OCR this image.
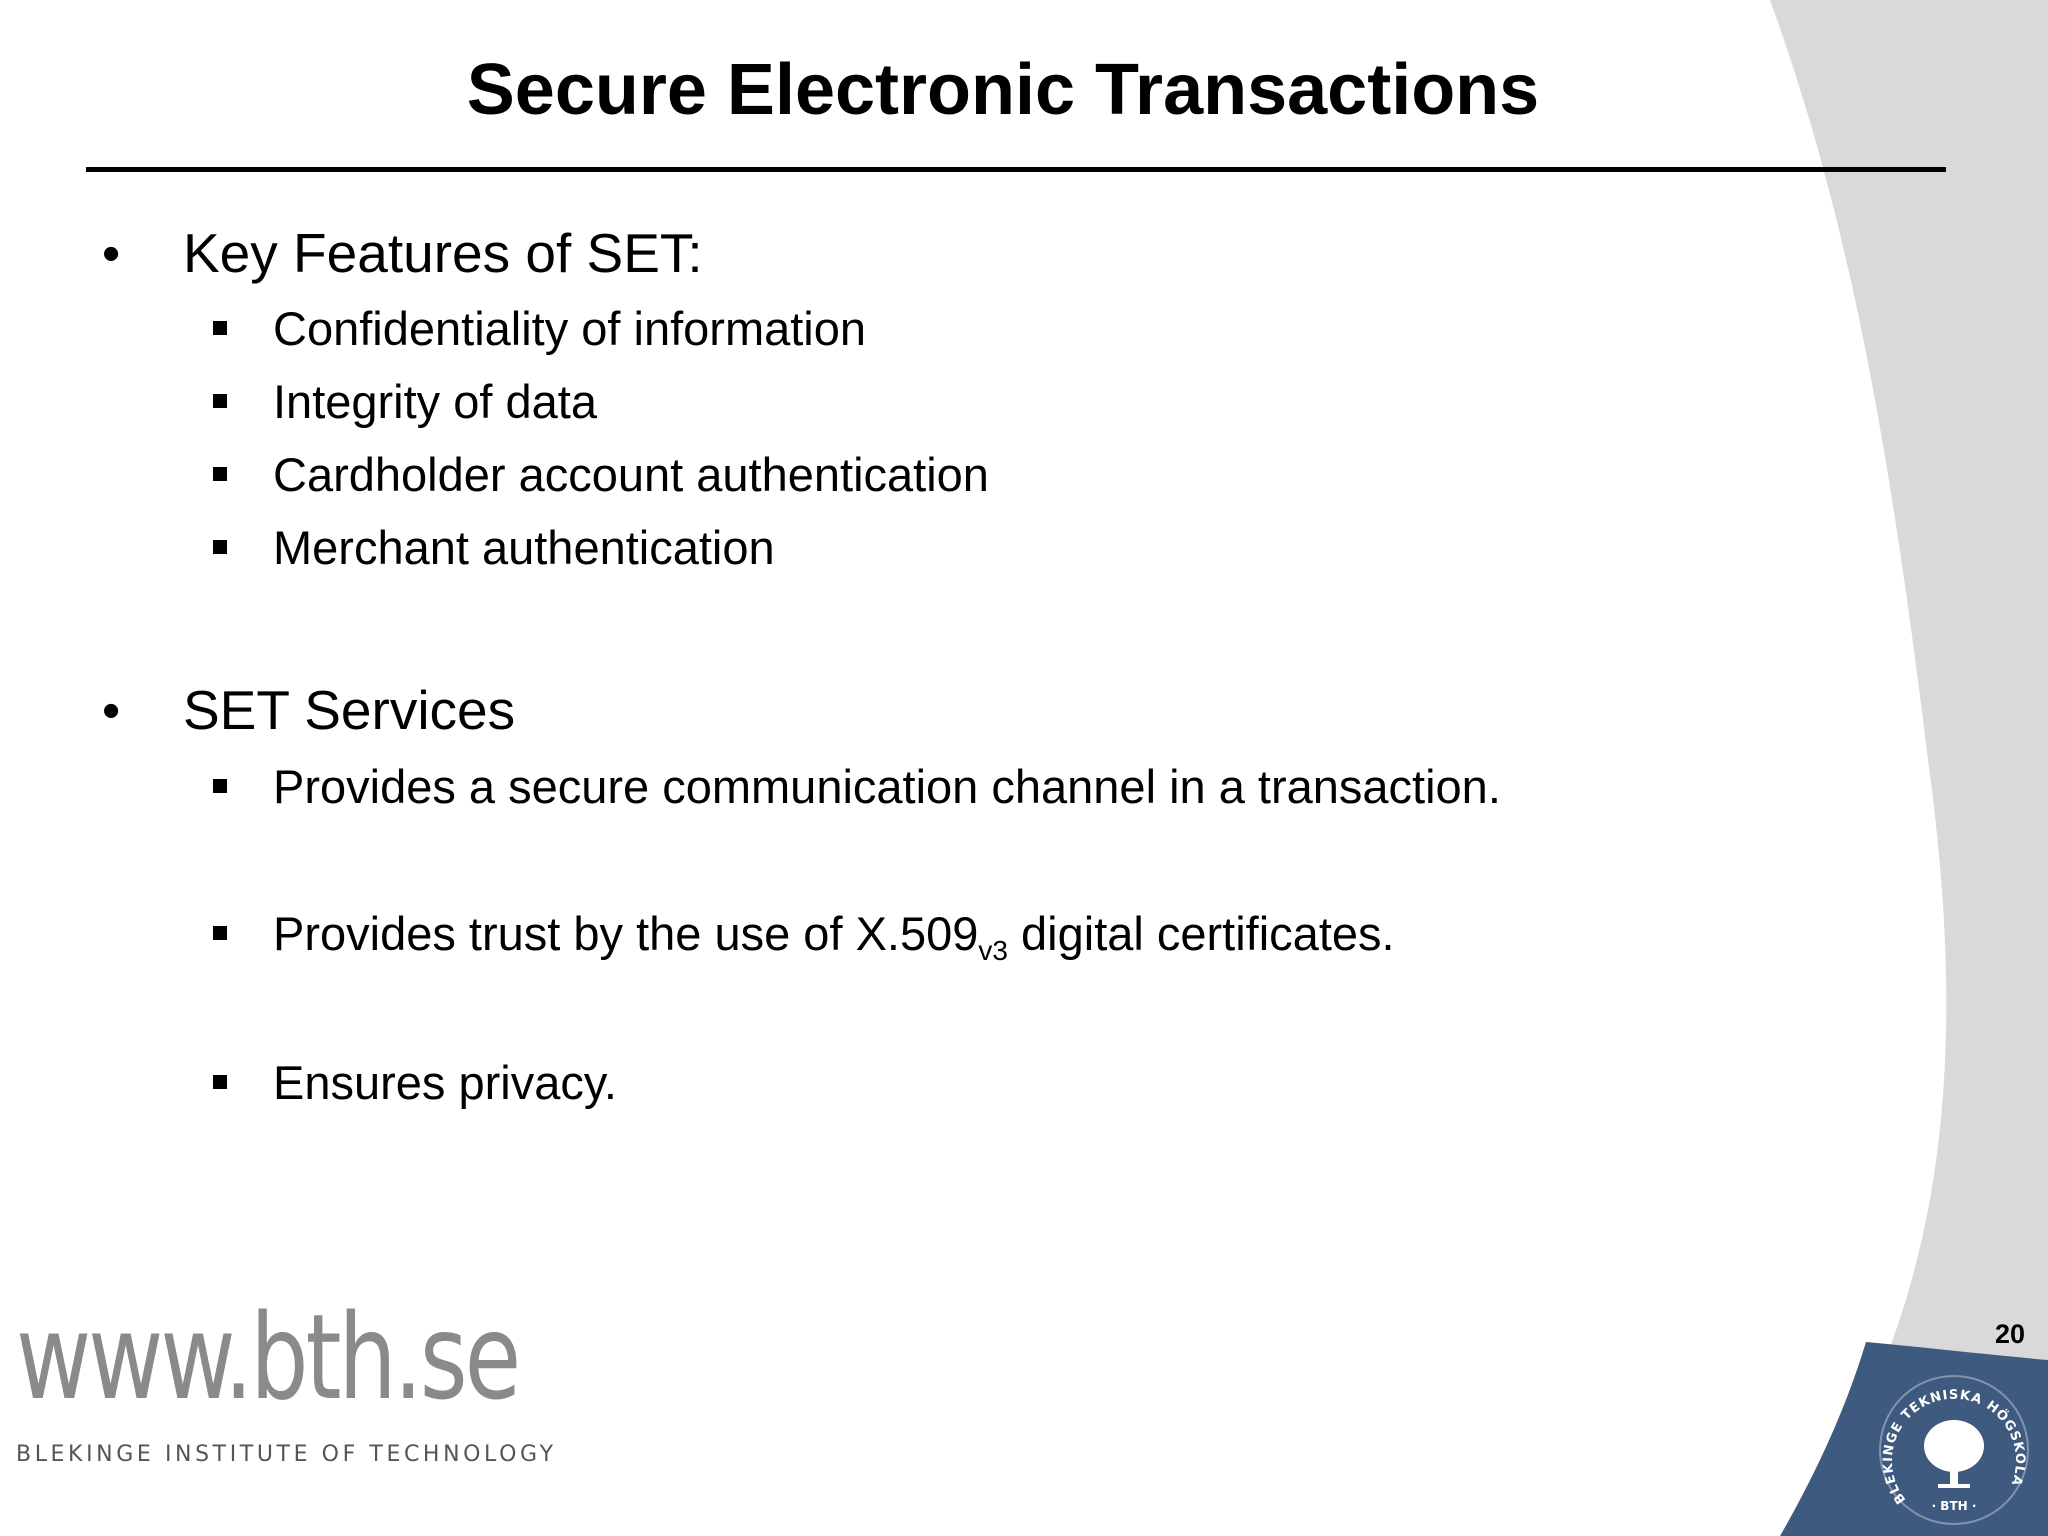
Secure Electronic Transactions
• Key Features of SET:
Confidentiality of information
Integrity of data
Cardholder account authentication
Merchant authentication
• SET Services
Provides a secure communication channel in a transaction.
Provides trust by the use of $X.509_{v3}$ digital certificates.
Ensures privacy.
www.bth.se
BLEKINGE INSTITUTE OF TECHNOLOGY
20
BLEKINGE TEKNISKA HÖGSKOLA
· BTH ·
